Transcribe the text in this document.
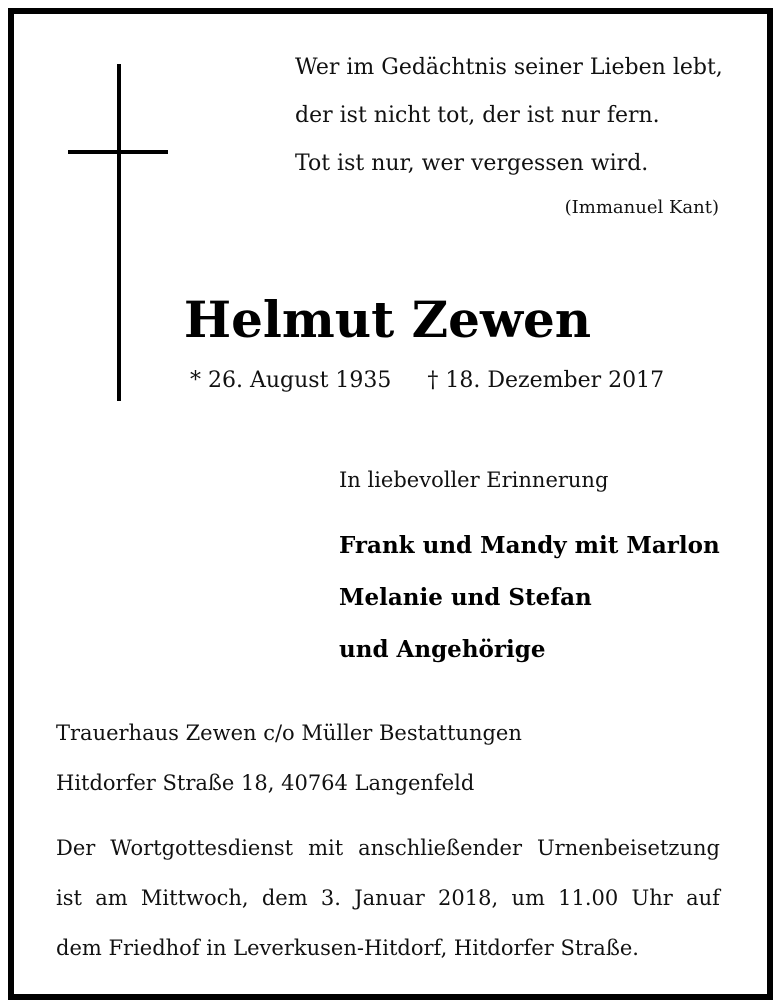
Wer im Gedächtnis seiner Lieben lebt,
der ist nicht tot, der ist nur fern.
Tot ist nur, wer vergessen wird.
(Immanuel Kant)
Helmut Zewen
* 26. August 1935 † 18. Dezember 2017
In liebevoller Erinnerung
Frank und Mandy mit Marlon
Melanie und Stefan
und Angehörige
Trauerhaus Zewen c/o Müller Bestattungen
Hitdorfer Straße 18, 40764 Langenfeld
Der Wortgottesdienst mit anschließender Urnenbeisetzung
ist am Mittwoch, dem 3. Januar 2018, um 11.00 Uhr auf
dem Friedhof in Leverkusen-Hitdorf, Hitdorfer Straße.
